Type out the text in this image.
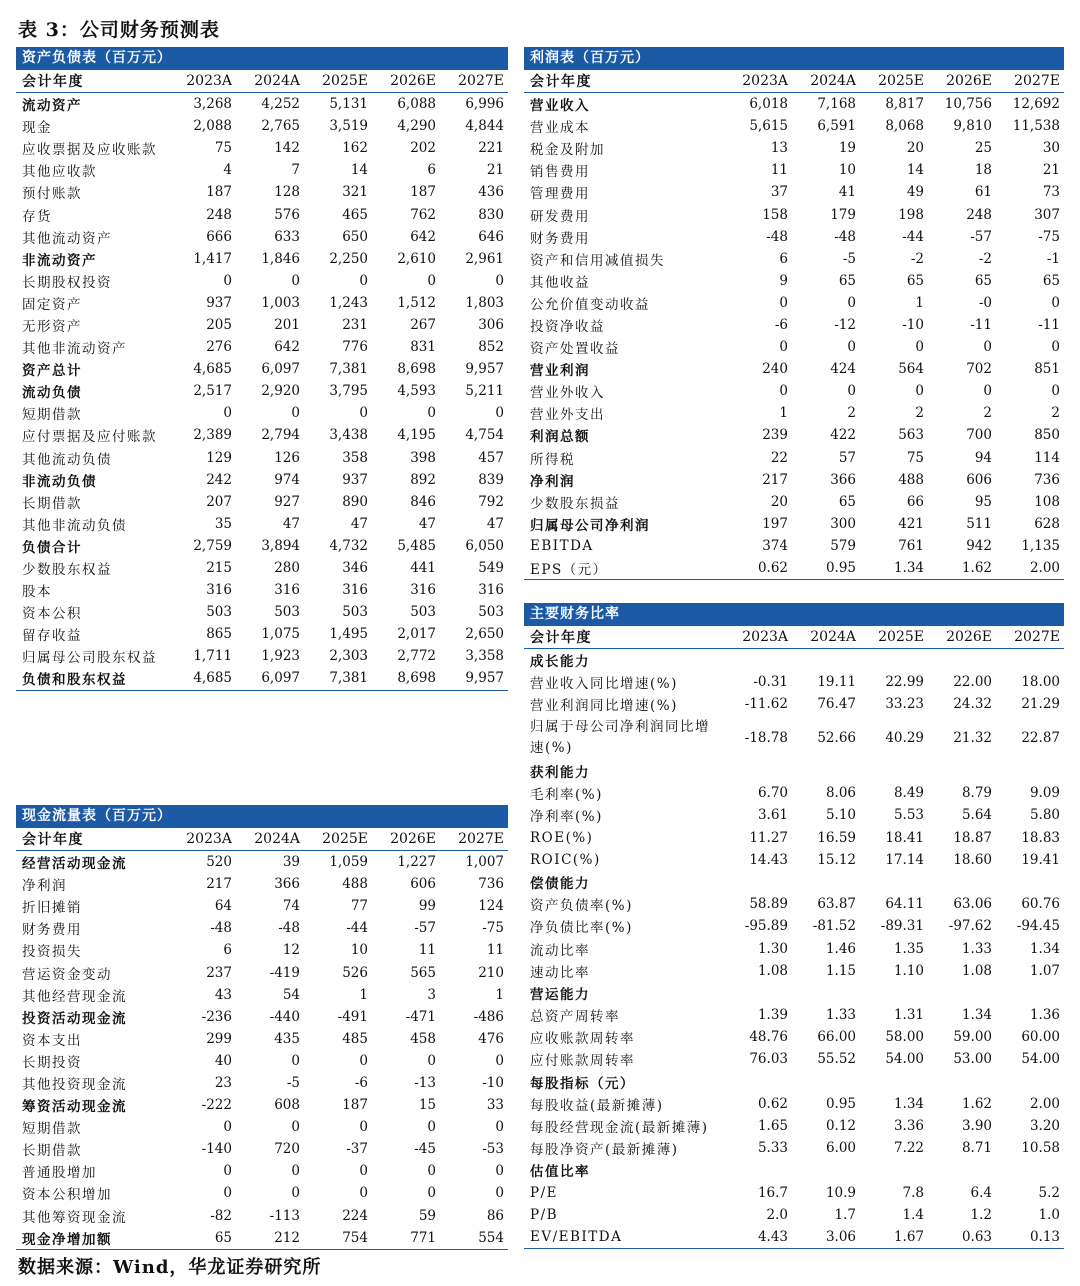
表 3：公司财务预测表
资产负债表（百万元）
会计年度	2023A	2024A	2025E	2026E	2027E
流动资产	3,268	4,252	5,131	6,088	6,996
现金	2,088	2,765	3,519	4,290	4,844
应收票据及应收账款	75	142	162	202	221
其他应收款	4	7	14	6	21
预付账款	187	128	321	187	436
存货	248	576	465	762	830
其他流动资产	666	633	650	642	646
非流动资产	1,417	1,846	2,250	2,610	2,961
长期股权投资	0	0	0	0	0
固定资产	937	1,003	1,243	1,512	1,803
无形资产	205	201	231	267	306
其他非流动资产	276	642	776	831	852
资产总计	4,685	6,097	7,381	8,698	9,957
流动负债	2,517	2,920	3,795	4,593	5,211
短期借款	0	0	0	0	0
应付票据及应付账款	2,389	2,794	3,438	4,195	4,754
其他流动负债	129	126	358	398	457
非流动负债	242	974	937	892	839
长期借款	207	927	890	846	792
其他非流动负债	35	47	47	47	47
负债合计	2,759	3,894	4,732	5,485	6,050
少数股东权益	215	280	346	441	549
股本	316	316	316	316	316
资本公积	503	503	503	503	503
留存收益	865	1,075	1,495	2,017	2,650
归属母公司股东权益	1,711	1,923	2,303	2,772	3,358
负债和股东权益	4,685	6,097	7,381	8,698	9,957
利润表（百万元）
会计年度	2023A	2024A	2025E	2026E	2027E
营业收入	6,018	7,168	8,817	10,756	12,692
营业成本	5,615	6,591	8,068	9,810	11,538
税金及附加	13	19	20	25	30
销售费用	11	10	14	18	21
管理费用	37	41	49	61	73
研发费用	158	179	198	248	307
财务费用	-48	-48	-44	-57	-75
资产和信用减值损失	6	-5	-2	-2	-1
其他收益	9	65	65	65	65
公允价值变动收益	0	0	1	-0	0
投资净收益	-6	-12	-10	-11	-11
资产处置收益	0	0	0	0	0
营业利润	240	424	564	702	851
营业外收入	0	0	0	0	0
营业外支出	1	2	2	2	2
利润总额	239	422	563	700	850
所得税	22	57	75	94	114
净利润	217	366	488	606	736
少数股东损益	20	65	66	95	108
归属母公司净利润	197	300	421	511	628
EBITDA	374	579	761	942	1,135
EPS（元）	0.62	0.95	1.34	1.62	2.00
主要财务比率
会计年度	2023A	2024A	2025E	2026E	2027E
成长能力
营业收入同比增速(%)	-0.31	19.11	22.99	22.00	18.00
营业利润同比增速(%)	-11.62	76.47	33.23	24.32	21.29
归属于母公司净利润同比增速(%)
-18.78	52.66	40.29	21.32	22.87
获利能力
毛利率(%)	6.70	8.06	8.49	8.79	9.09
净利率(%)	3.61	5.10	5.53	5.64	5.80
ROE(%)	11.27	16.59	18.41	18.87	18.83
ROIC(%)	14.43	15.12	17.14	18.60	19.41
偿债能力
资产负债率(%)	58.89	63.87	64.11	63.06	60.76
净负债比率(%)	-95.89	-81.52	-89.31	-97.62	-94.45
流动比率	1.30	1.46	1.35	1.33	1.34
速动比率	1.08	1.15	1.10	1.08	1.07
营运能力
总资产周转率	1.39	1.33	1.31	1.34	1.36
应收账款周转率	48.76	66.00	58.00	59.00	60.00
应付账款周转率	76.03	55.52	54.00	53.00	54.00
每股指标（元）
每股收益(最新摊薄)	0.62	0.95	1.34	1.62	2.00
每股经营现金流(最新摊薄)	1.65	0.12	3.36	3.90	3.20
每股净资产(最新摊薄)	5.33	6.00	7.22	8.71	10.58
估值比率
P/E	16.7	10.9	7.8	6.4	5.2
P/B	2.0	1.7	1.4	1.2	1.0
EV/EBITDA	4.43	3.06	1.67	0.63	0.13
现金流量表（百万元）
会计年度	2023A	2024A	2025E	2026E	2027E
经营活动现金流	520	39	1,059	1,227	1,007
净利润	217	366	488	606	736
折旧摊销	64	74	77	99	124
财务费用	-48	-48	-44	-57	-75
投资损失	6	12	10	11	11
营运资金变动	237	-419	526	565	210
其他经营现金流	43	54	1	3	1
投资活动现金流	-236	-440	-491	-471	-486
资本支出	299	435	485	458	476
长期投资	40	0	0	0	0
其他投资现金流	23	-5	-6	-13	-10
筹资活动现金流	-222	608	187	15	33
短期借款	0	0	0	0	0
长期借款	-140	720	-37	-45	-53
普通股增加	0	0	0	0	0
资本公积增加	0	0	0	0	0
其他筹资现金流	-82	-113	224	59	86
现金净增加额	65	212	754	771	554
数据来源：Wind，华龙证券研究所
